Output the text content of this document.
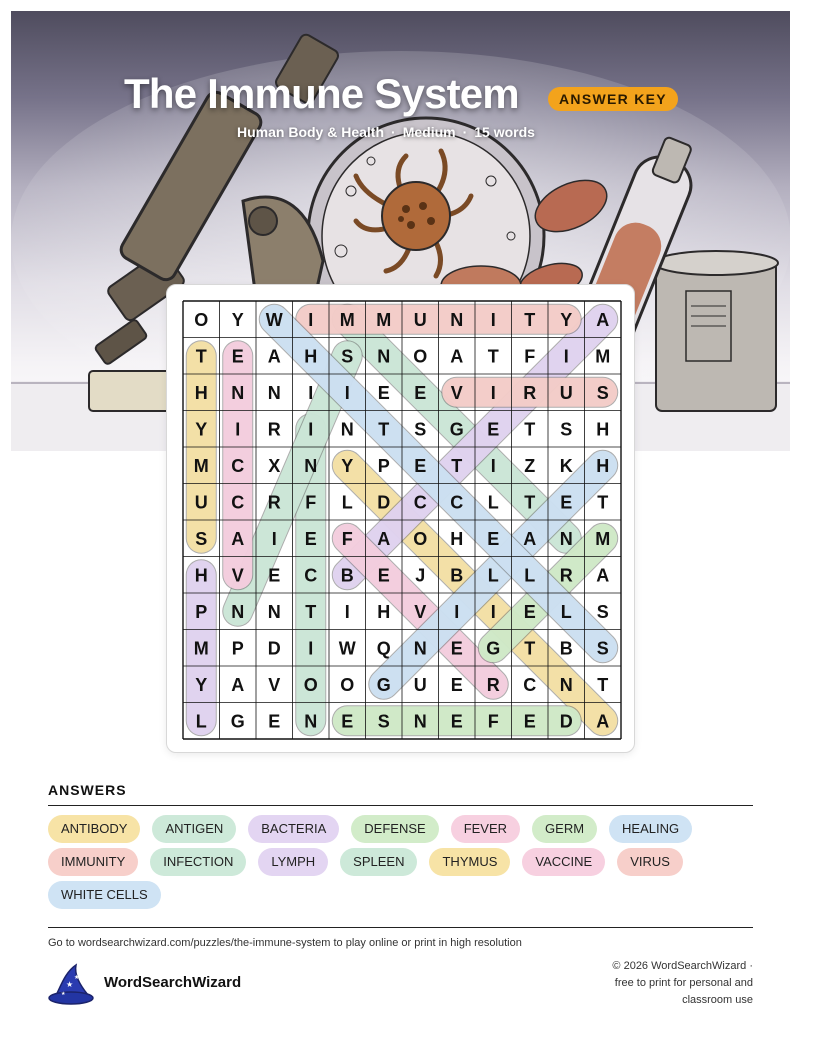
The Immune System	ANSWER KEY
Human Body & Health · Medium · 15 words
O Y W I M M U N I T Y A
T E A H S N O A T F I M
H N N I I E E V I R U S
Y I R I N T S G E T S H
M C X N Y P E T I Z K H
U C R F L D C C L T E T
S A I E F A O H E A N M
H V E C B E J B L L R A
P N N T I H V I I E L S
M P D I W Q N E G T B S
Y A V O O G U E R C N T
L G E N E S N E F E D A
ANSWERS
ANTIBODY	ANTIGEN	BACTERIA	DEFENSE	FEVER	GERM	HEALING
IMMUNITY	INFECTION	LYMPH	SPLEEN	THYMUS	VACCINE	VIRUS
WHITE CELLS
Go to wordsearchwizard.com/puzzles/the-immune-system to play online or print in high resolution
★
★
★
WordSearchWizard
© 2026 WordSearchWizard ·
free to print for personal and
classroom use
